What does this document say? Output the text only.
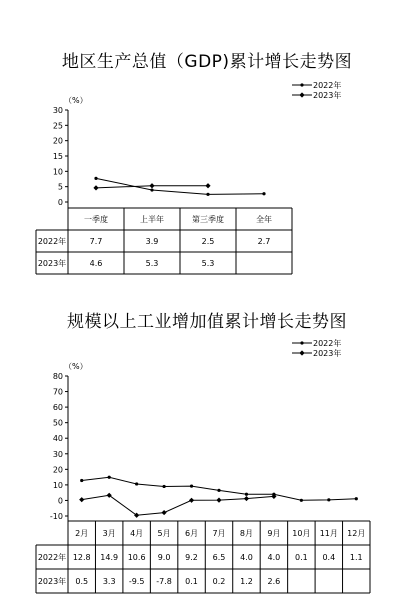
地区生产总值（GDP)累计增长走势图
（%）
0
5
10
15
20
25
30
一季度	上半年	第三季度	全年
2022年	7.7	3.9	2.5	2.7
2023年	4.6	5.3	5.3
2022年
2023年
规模以上工业增加值累计增长走势图
（%）
-10
0
10
20
30
40
50
60
70
80
2月 3月 4月 5月 6月 7月 8月 9月 10月 11月 12月
2022年 12.8 14.9 10.6 9.0 9.2 6.5 4.0 4.0 0.1 0.4 1.1
2023年 0.5 3.3 -9.5 -7.8 0.1 0.2 1.2 2.6
2022年
2023年
